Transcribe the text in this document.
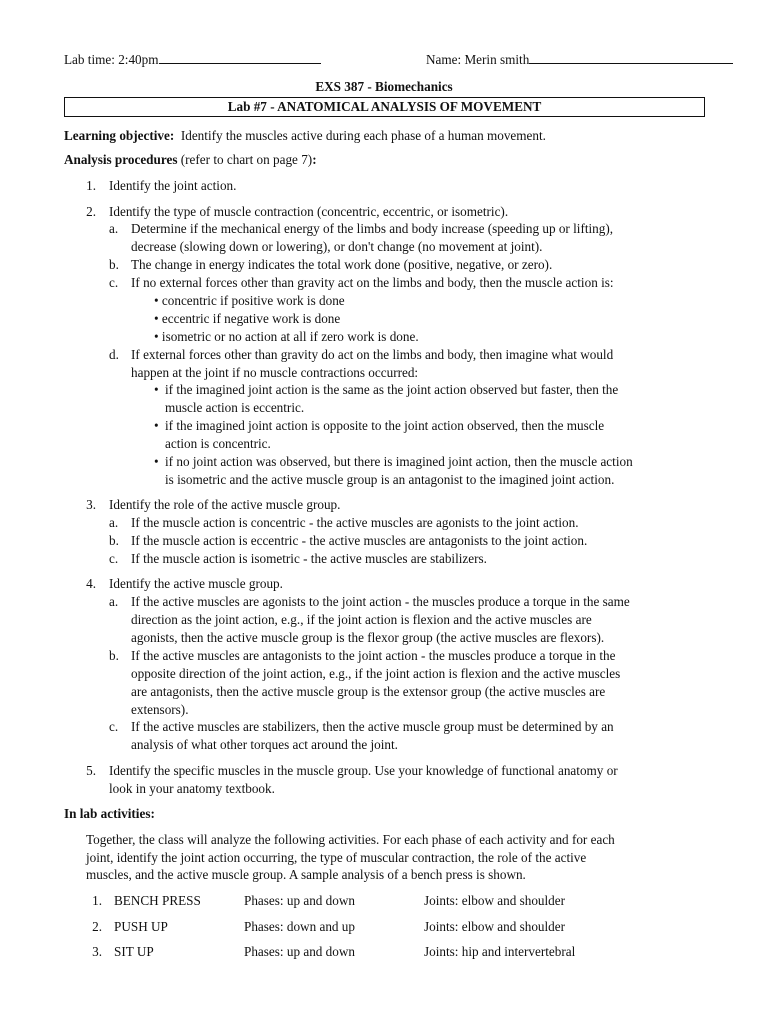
Lab time: 2:40pm	Name: Merin smith
EXS 387 - Biomechanics
Lab #7 - ANATOMICAL ANALYSIS OF MOVEMENT
Learning objective: Identify the muscles active during each phase of a human movement.
Analysis procedures (refer to chart on page 7):
1. Identify the joint action.
2. Identify the type of muscle contraction (concentric, eccentric, or isometric).
a. Determine if the mechanical energy of the limbs and body increase (speeding up or lifting),
decrease (slowing down or lowering), or don't change (no movement at joint).
b. The change in energy indicates the total work done (positive, negative, or zero).
c. If no external forces other than gravity act on the limbs and body, then the muscle action is:
• concentric if positive work is done
• eccentric if negative work is done
• isometric or no action at all if zero work is done.
d. If external forces other than gravity do act on the limbs and body, then imagine what would
happen at the joint if no muscle contractions occurred:
• if the imagined joint action is the same as the joint action observed but faster, then the
muscle action is eccentric.
• if the imagined joint action is opposite to the joint action observed, then the muscle
action is concentric.
• if no joint action was observed, but there is imagined joint action, then the muscle action
is isometric and the active muscle group is an antagonist to the imagined joint action.
3. Identify the role of the active muscle group.
a. If the muscle action is concentric - the active muscles are agonists to the joint action.
b. If the muscle action is eccentric - the active muscles are antagonists to the joint action.
c. If the muscle action is isometric - the active muscles are stabilizers.
4. Identify the active muscle group.
a. If the active muscles are agonists to the joint action - the muscles produce a torque in the same
direction as the joint action, e.g., if the joint action is flexion and the active muscles are
agonists, then the active muscle group is the flexor group (the active muscles are flexors).
b. If the active muscles are antagonists to the joint action - the muscles produce a torque in the
opposite direction of the joint action, e.g., if the joint action is flexion and the active muscles
are antagonists, then the active muscle group is the extensor group (the active muscles are
extensors).
c. If the active muscles are stabilizers, then the active muscle group must be determined by an
analysis of what other torques act around the joint.
5. Identify the specific muscles in the muscle group. Use your knowledge of functional anatomy or
look in your anatomy textbook.
In lab activities:
Together, the class will analyze the following activities. For each phase of each activity and for each
joint, identify the joint action occurring, the type of muscular contraction, the role of the active
muscles, and the active muscle group. A sample analysis of a bench press is shown.
1. BENCH PRESS	Phases: up and down	Joints: elbow and shoulder
2. PUSH UP	Phases: down and up	Joints: elbow and shoulder
3. SIT UP	Phases: up and down	Joints: hip and intervertebral
